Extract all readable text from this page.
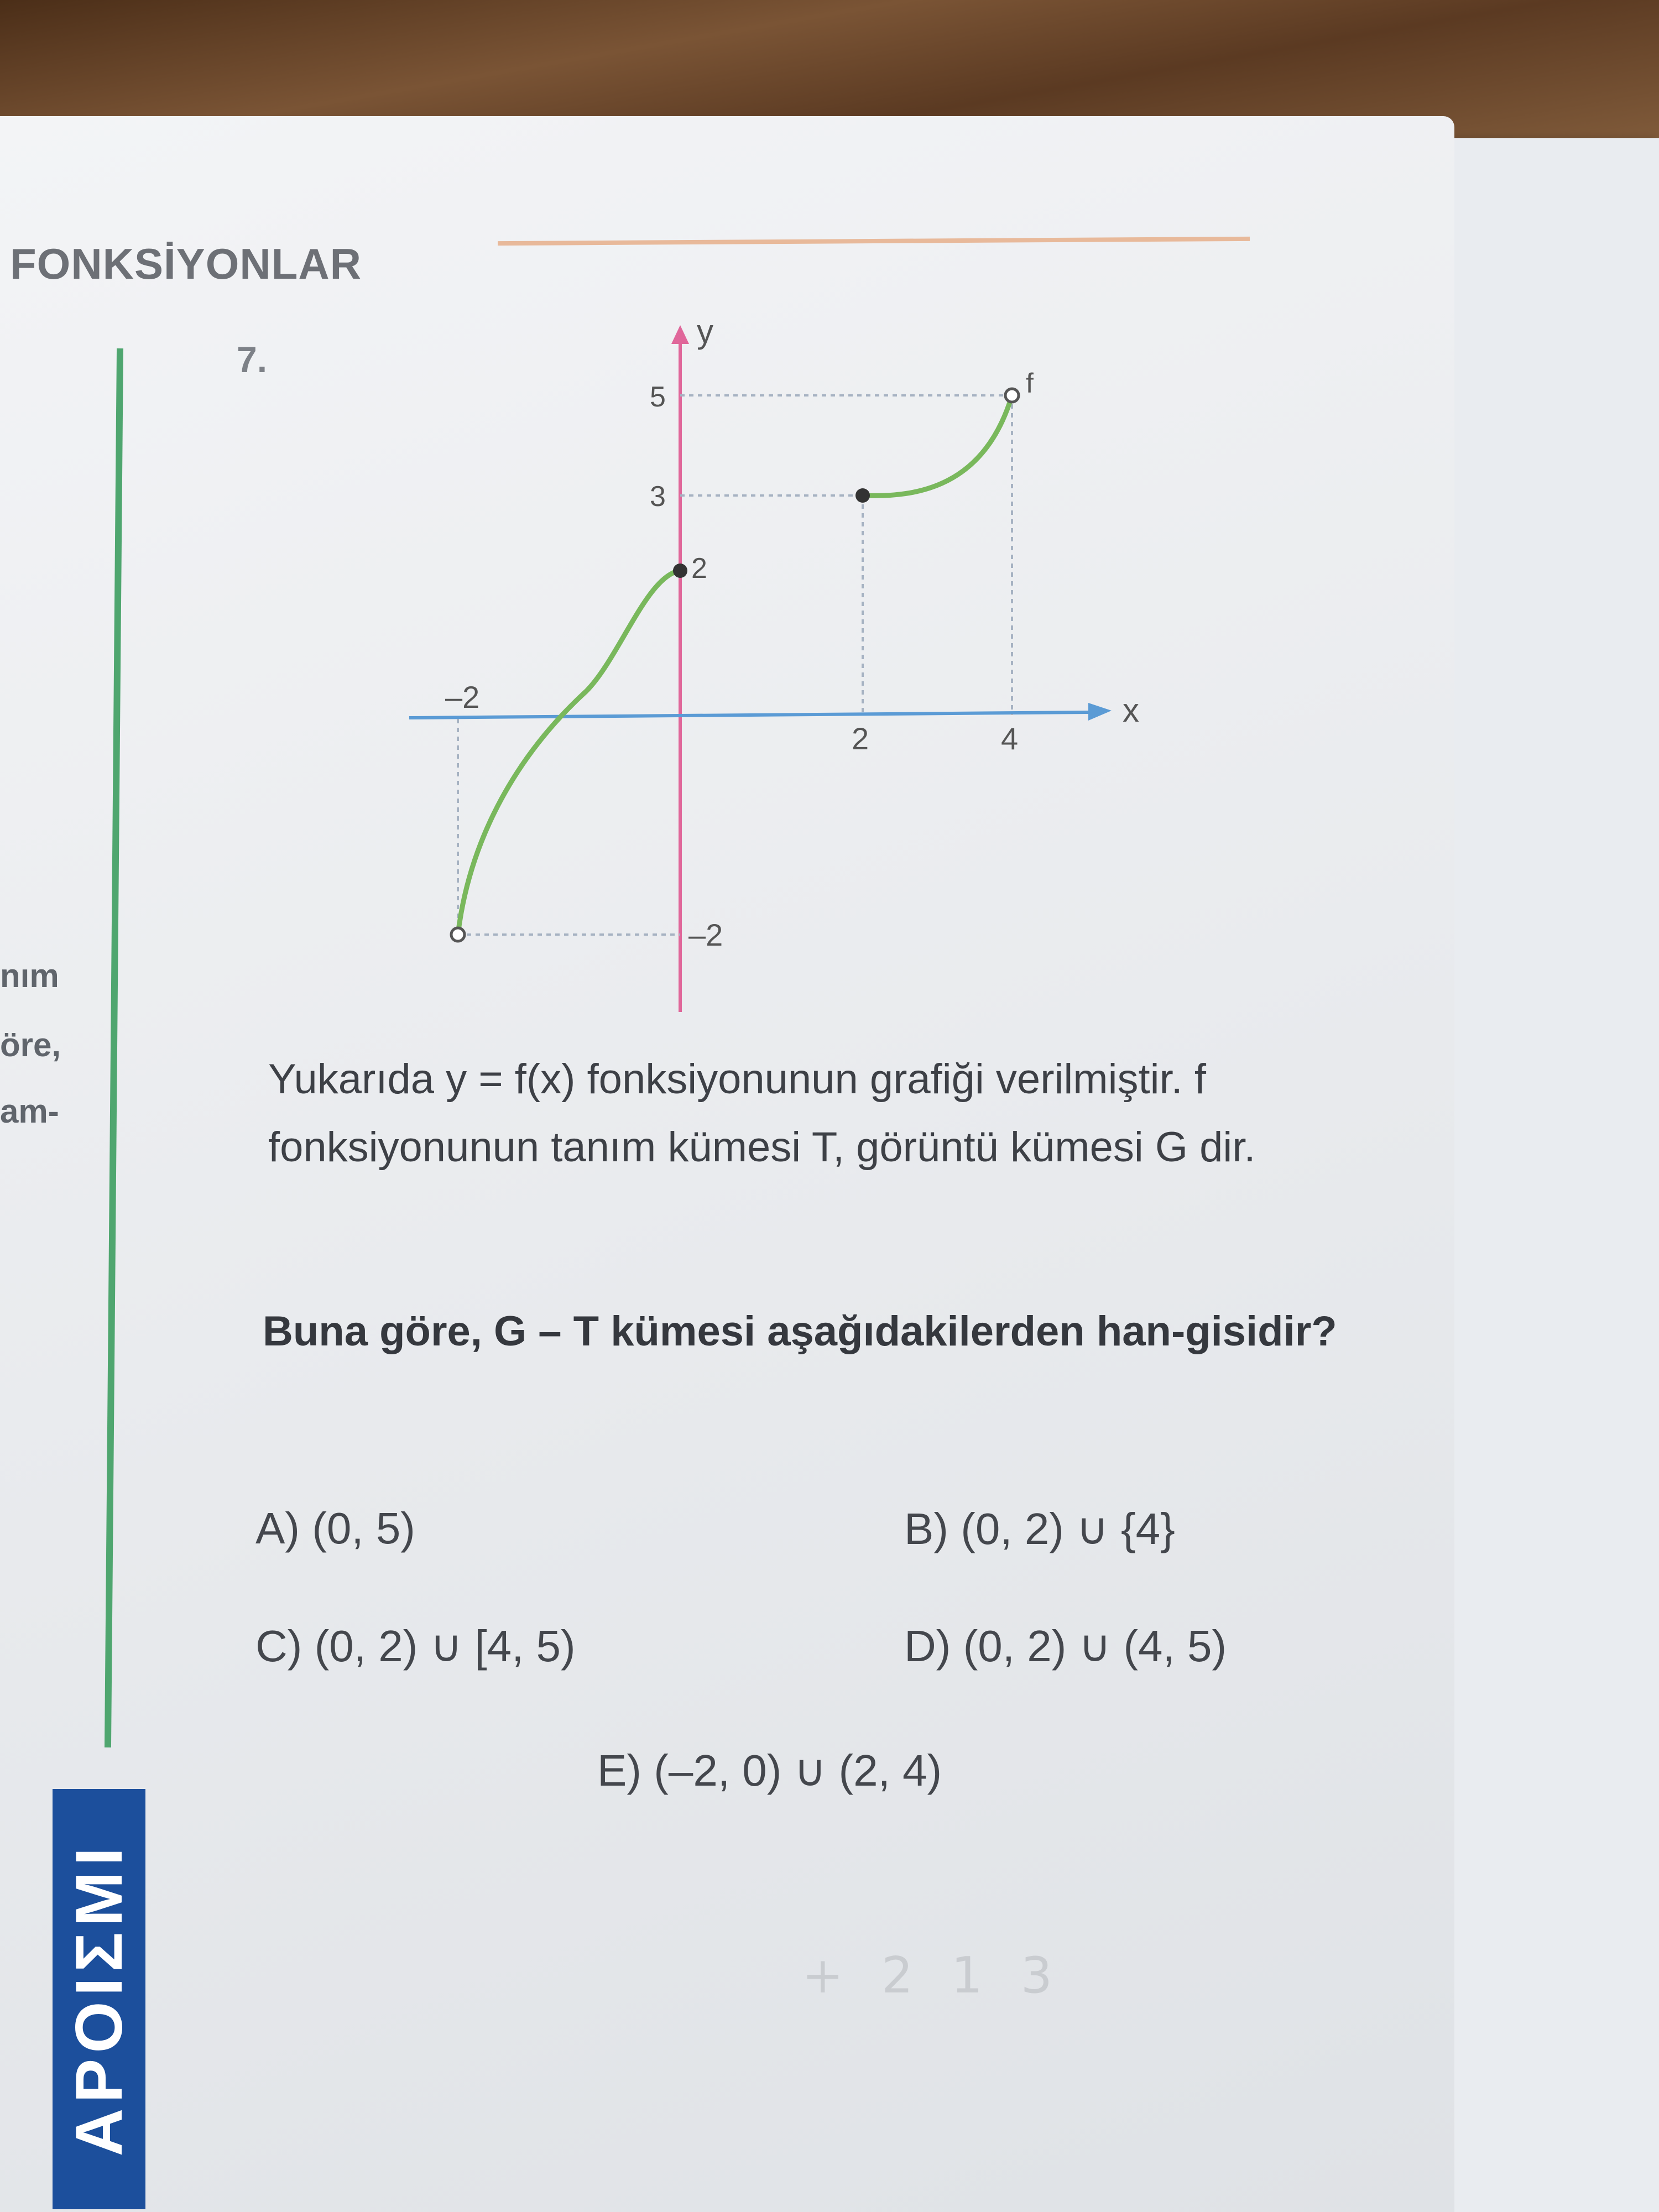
FONKSİYONLAR
nım
öre,
am-
ΑΡΟΙΣΜΙ
7.
y
x
f
–2
2	4
5
3
2
–2
Yukarıda y = f(x) fonksiyonunun grafiği verilmiştir. f fonksiyonunun tanım kümesi T, görüntü kümesi G dir.
Buna göre, G – T kümesi aşağıdakilerden han-gisidir?
A) (0, 5)	B) (0, 2) ∪ {4}
C) (0, 2) ∪ [4, 5)	D) (0, 2) ∪ (4, 5)
E) (–2, 0) ∪ (2, 4)
+ 2 1 3
